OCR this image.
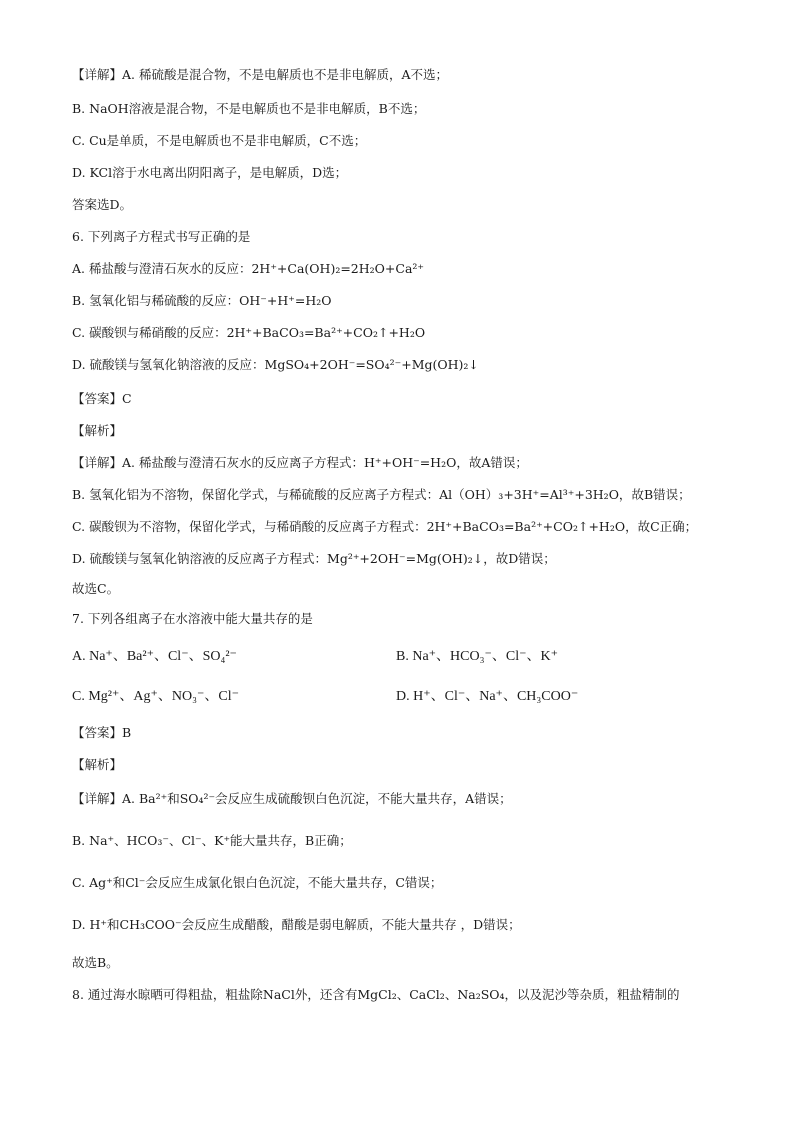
【详解】A. 稀硫酸是混合物，不是电解质也不是非电解质，A不选；
B. NaOH溶液是混合物，不是电解质也不是非电解质，B不选；
C. Cu是单质，不是电解质也不是非电解质，C不选；
D. KCl溶于水电离出阴阳离子，是电解质，D选；
答案选D。
6. 下列离子方程式书写正确的是
A. 稀盐酸与澄清石灰水的反应：2H⁺+Ca(OH)₂=2H₂O+Ca²⁺
B. 氢氧化铝与稀硫酸的反应：OH⁻+H⁺=H₂O
C. 碳酸钡与稀硝酸的反应：2H⁺+BaCO₃=Ba²⁺+CO₂↑+H₂O
D. 硫酸镁与氢氧化钠溶液的反应：MgSO₄+2OH⁻=SO₄²⁻+Mg(OH)₂↓
【答案】C
【解析】
【详解】A. 稀盐酸与澄清石灰水的反应离子方程式：H⁺+OH⁻=H₂O，故A错误；
B. 氢氧化铝为不溶物，保留化学式，与稀硫酸的反应离子方程式：Al（OH）₃+3H⁺=Al³⁺+3H₂O，故B错误；
C. 碳酸钡为不溶物，保留化学式，与稀硝酸的反应离子方程式：2H⁺+BaCO₃=Ba²⁺+CO₂↑+H₂O，故C正确；
D. 硫酸镁与氢氧化钠溶液的反应离子方程式：Mg²⁺+2OH⁻=Mg(OH)₂↓，故D错误；
故选C。
7. 下列各组离子在水溶液中能大量共存的是
A. Na⁺、Ba²⁺、Cl⁻、SO₄²⁻	B. Na⁺、HCO₃⁻、Cl⁻、K⁺
C. Mg²⁺、Ag⁺、NO₃⁻、Cl⁻	D. H⁺、Cl⁻、Na⁺、CH₃COO⁻
【答案】B
【解析】
【详解】A. Ba²⁺和SO₄²⁻会反应生成硫酸钡白色沉淀，不能大量共存，A错误；
B. Na⁺、HCO₃⁻、Cl⁻、K⁺能大量共存，B正确；
C. Ag⁺和Cl⁻会反应生成氯化银白色沉淀，不能大量共存，C错误；
D. H⁺和CH₃COO⁻会反应生成醋酸，醋酸是弱电解质，不能大量共存 ，D错误；
故选B。
8. 通过海水晾晒可得粗盐，粗盐除NaCl外，还含有MgCl₂、CaCl₂、Na₂SO₄，以及泥沙等杂质，粗盐精制的
